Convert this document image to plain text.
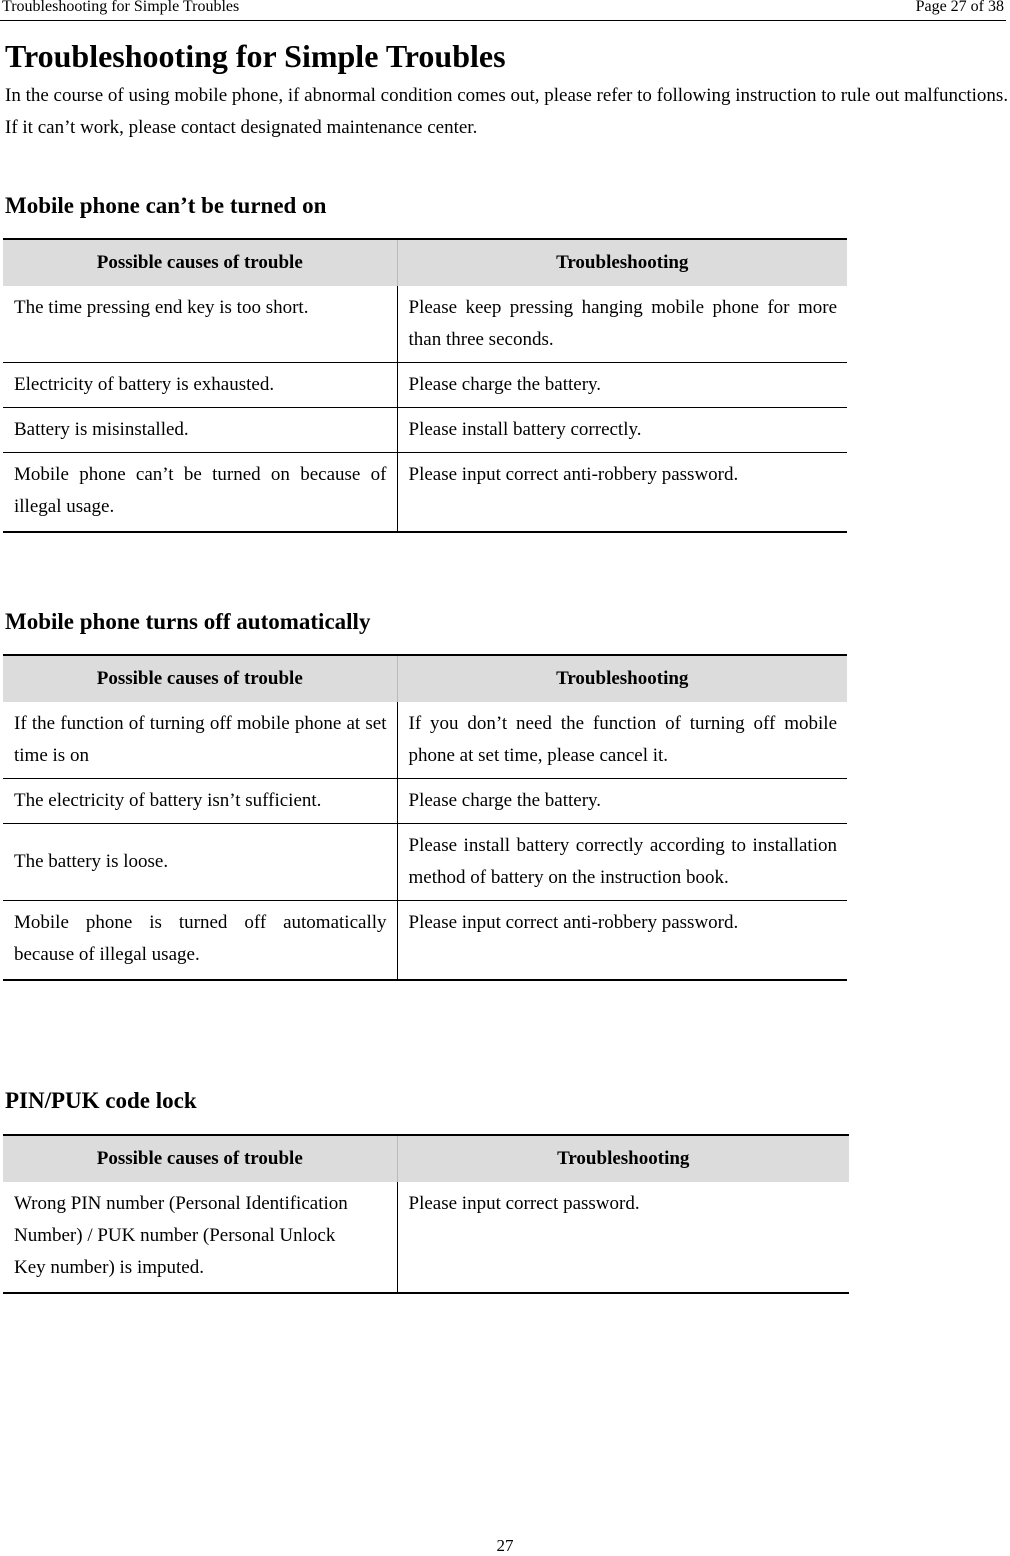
Troubleshooting for Simple Troubles	Page 27 of 38
Troubleshooting for Simple Troubles

In the course of using mobile phone, if abnormal condition comes out, please refer to following instruction to rule out malfunctions. If it can’t work, please contact designated maintenance center.

Mobile phone can’t be turned on
Possible causes of trouble	Troubleshooting
The time pressing end key is too short.	Please keep pressing hanging mobile phone for more than three seconds.
Electricity of battery is exhausted.	Please charge the battery.
Battery is misinstalled.	Please install battery correctly.
Mobile phone can’t be turned on because of illegal usage.	Please input correct anti-robbery password.
Mobile phone turns off automatically
Possible causes of trouble	Troubleshooting
If the function of turning off mobile phone at set time is on	If you don’t need the function of turning off mobile phone at set time, please cancel it.
The electricity of battery isn’t sufficient.	Please charge the battery.
The battery is loose.	Please install battery correctly according to installation method of battery on the instruction book.
Mobile phone is turned off automatically because of illegal usage.	Please input correct anti-robbery password.
PIN/PUK code lock
Possible causes of trouble	Troubleshooting
Wrong PIN number (Personal Identification Number) / PUK number (Personal Unlock Key number) is imputed.	Please input correct password.
27
